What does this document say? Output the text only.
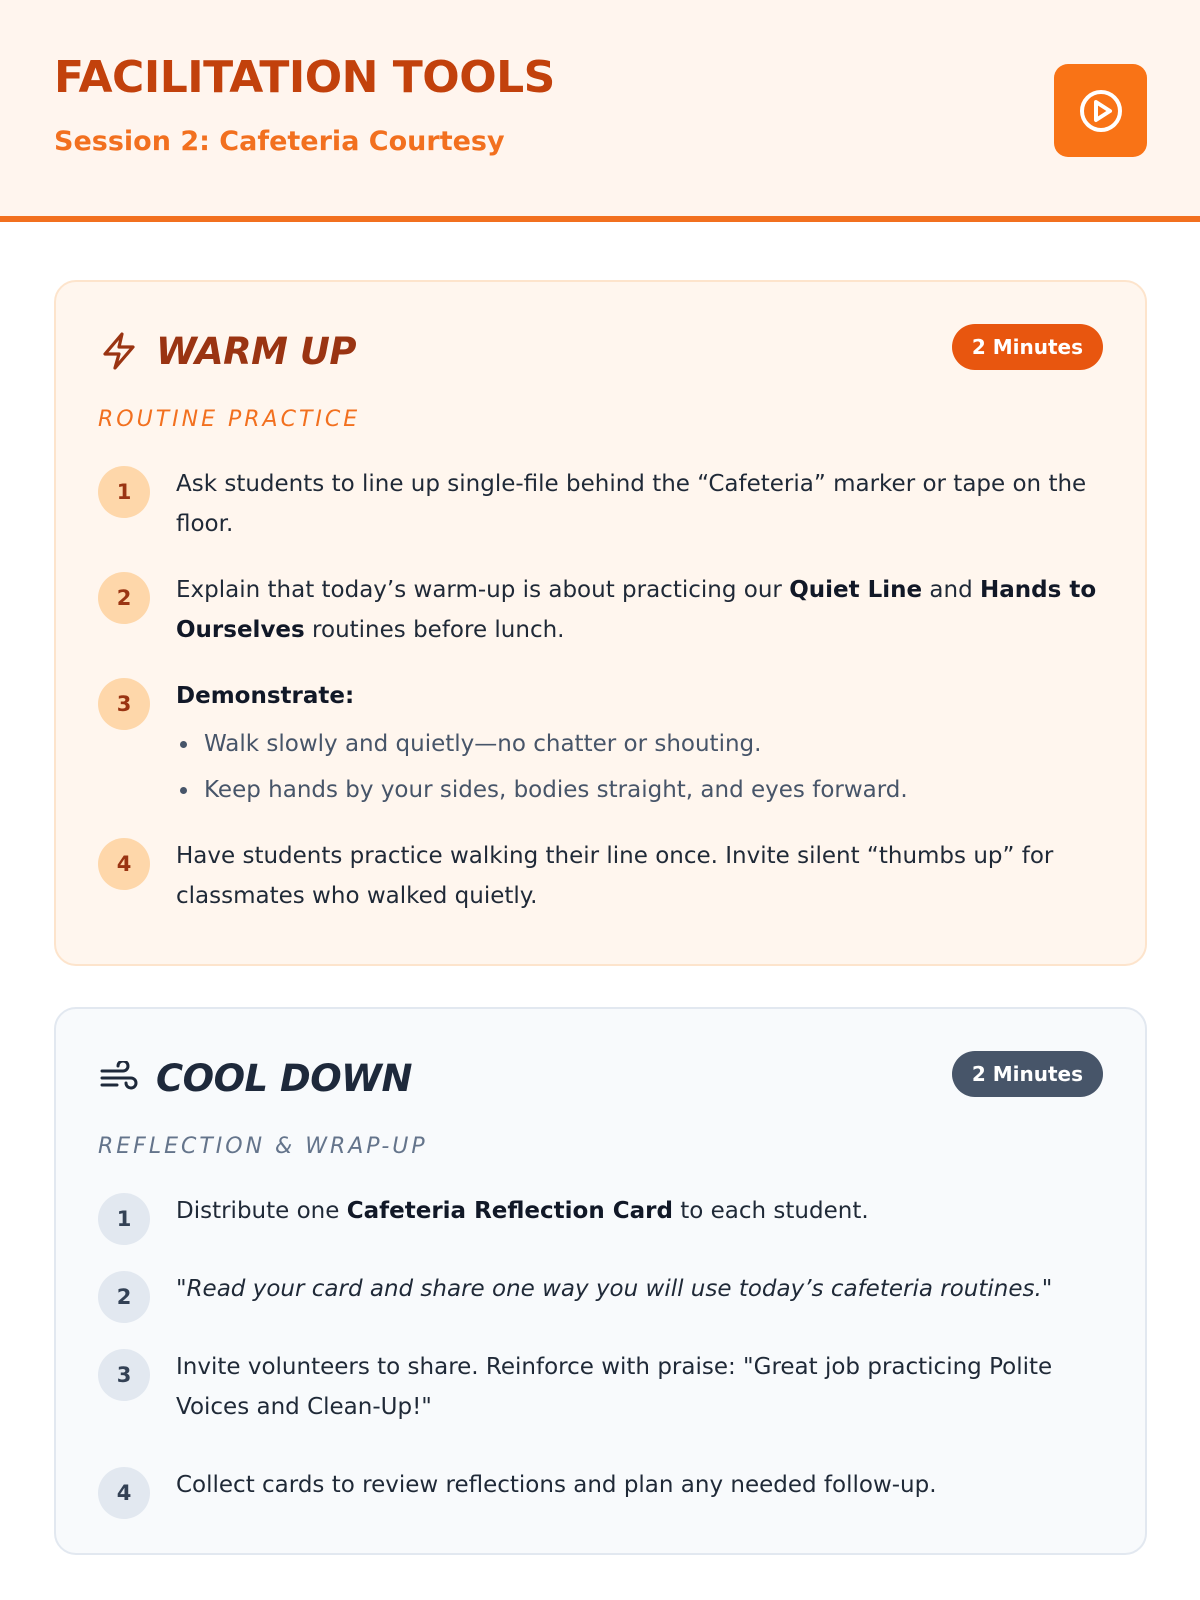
FACILITATION TOOLS
Session 2: Cafeteria Courtesy
WARM UP	2 Minutes
ROUTINE PRACTICE
1	Ask students to line up single-file behind the “Cafeteria” marker or tape on the floor.
2	Explain that today’s warm-up is about practicing our Quiet Line and Hands to Ourselves routines before lunch.
3	Demonstrate:
Walk slowly and quietly—no chatter or shouting.
Keep hands by your sides, bodies straight, and eyes forward.
4	Have students practice walking their line once. Invite silent “thumbs up” for classmates who walked quietly.
COOL DOWN	2 Minutes
REFLECTION & WRAP-UP
1	Distribute one Cafeteria Reflection Card to each student.
2	"Read your card and share one way you will use today’s cafeteria routines."
3	Invite volunteers to share. Reinforce with praise: "Great job practicing Polite Voices and Clean-Up!"
4	Collect cards to review reflections and plan any needed follow-up.
